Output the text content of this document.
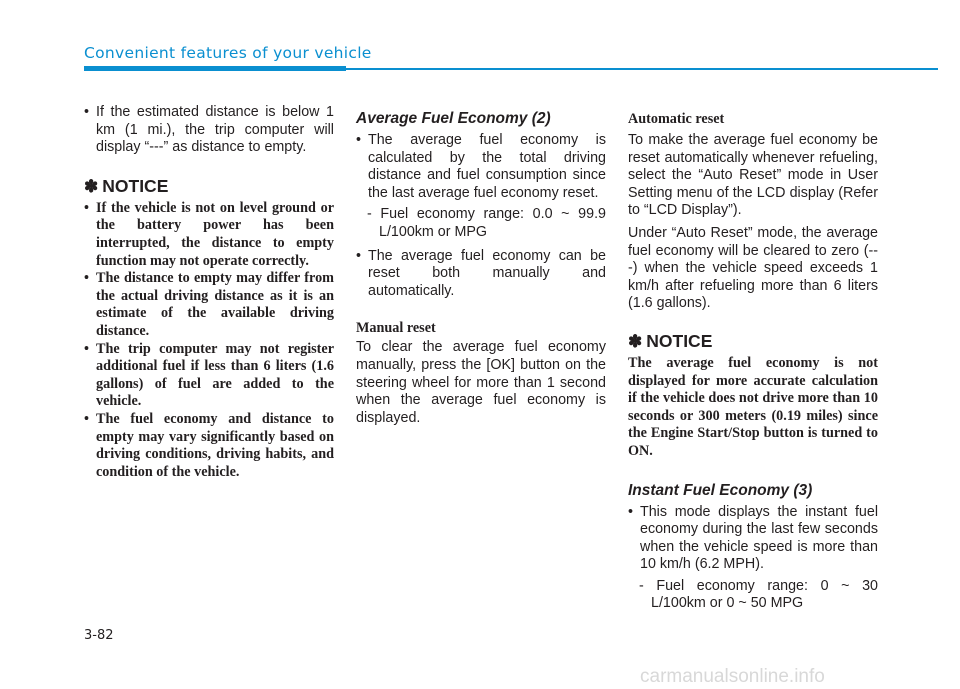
Convenient features of your vehicle

• If the estimated distance is below 1 km (1 mi.), the trip computer will display “---” as distance to empty.

✽ NOTICE

• If the vehicle is not on level ground or the battery power has been interrupted, the distance to empty function may not operate correctly.

• The distance to empty may differ from the actual driving distance as it is an estimate of the available driving distance.

• The trip computer may not register additional fuel if less than 6 liters (1.6 gallons) of fuel are added to the vehicle.

• The fuel economy and distance to empty may vary significantly based on driving conditions, driving habits, and condition of the vehicle.

Average Fuel Economy (2)

• The average fuel economy is calculated by the total driving distance and fuel consumption since the last average fuel economy reset.

- Fuel economy range: 0.0 ~ 99.9 L/100km or MPG

• The average fuel economy can be reset both manually and automatically.

Manual reset

To clear the average fuel economy manually, press the [OK] button on the steering wheel for more than 1 second when the average fuel economy is displayed.

Automatic reset

To make the average fuel economy be reset automatically whenever refueling, select the “Auto Reset” mode in User Setting menu of the LCD display (Refer to “LCD Display”).

Under “Auto Reset” mode, the average fuel economy will be cleared to zero (---) when the vehicle speed exceeds 1 km/h after refueling more than 6 liters (1.6 gallons).

✽ NOTICE

The average fuel economy is not displayed for more accurate calculation if the vehicle does not drive more than 10 seconds or 300 meters (0.19 miles) since the Engine Start/Stop button is turned to ON.

Instant Fuel Economy (3)

• This mode displays the instant fuel economy during the last few seconds when the vehicle speed is more than 10 km/h (6.2 MPH).

- Fuel economy range: 0 ~ 30 L/100km or 0 ~ 50 MPG

3-82
carmanualsonline.info
